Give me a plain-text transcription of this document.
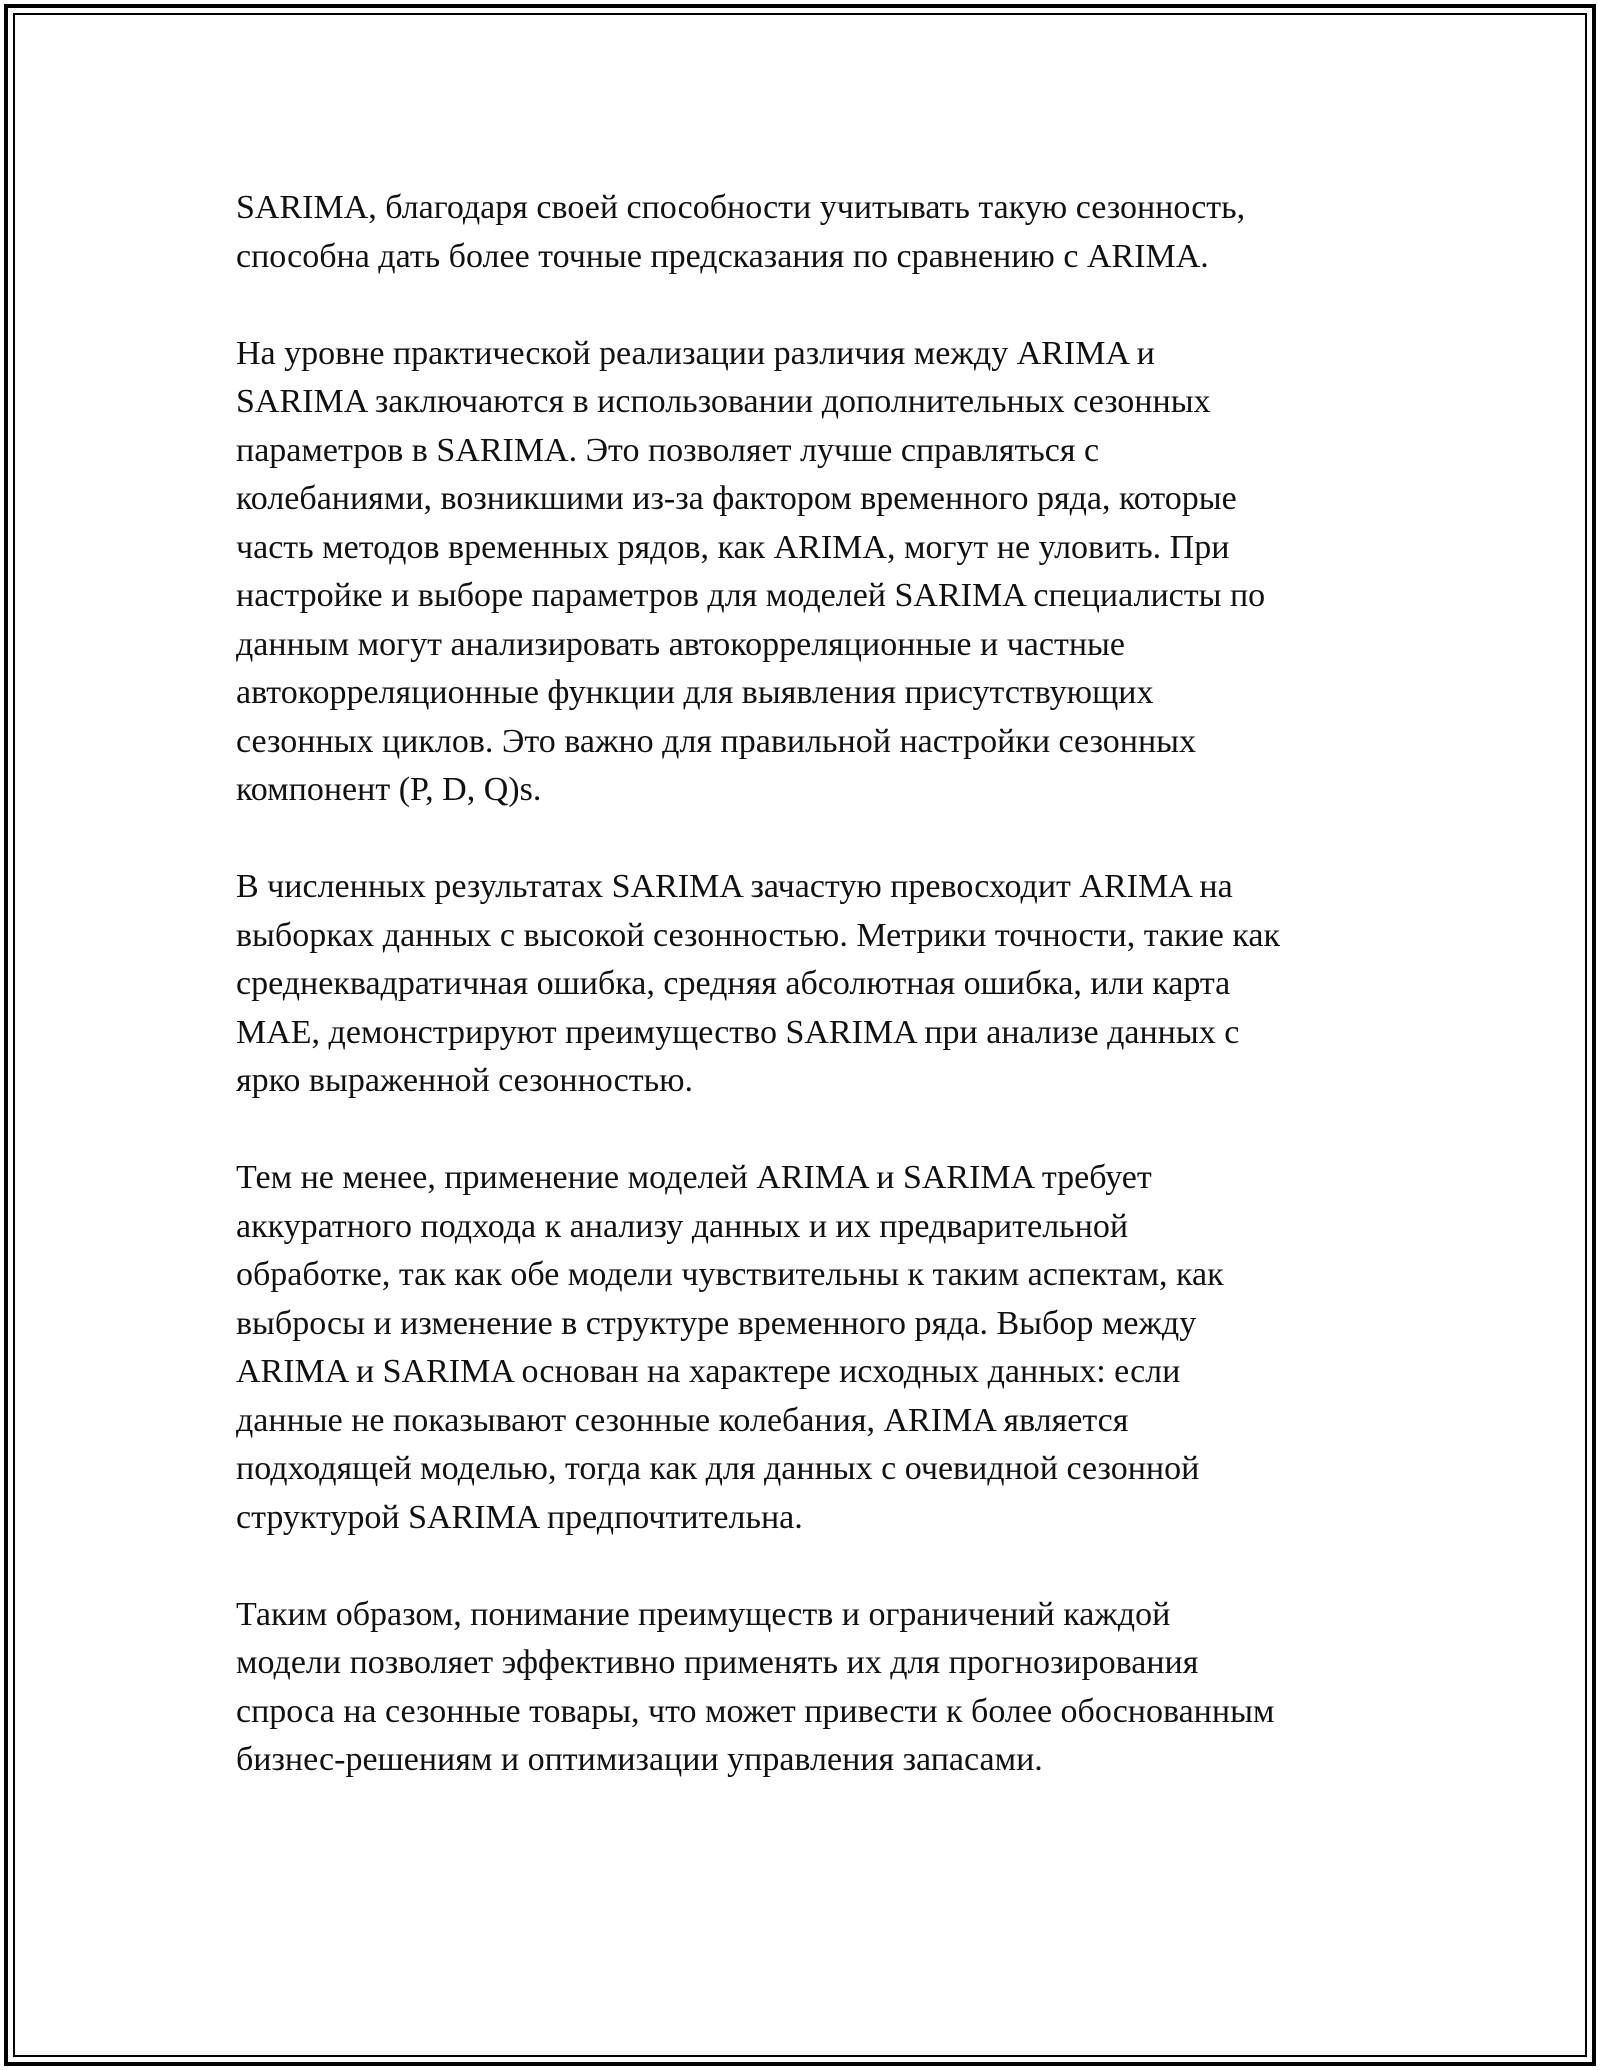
SARIMA, благодаря своей способности учитывать такую сезонность,
способна дать более точные предсказания по сравнению с ARIMA.

На уровне практической реализации различия между ARIMA и
SARIMA заключаются в использовании дополнительных сезонных
параметров в SARIMA. Это позволяет лучше справляться с
колебаниями, возникшими из-за фактором временного ряда, которые
часть методов временных рядов, как ARIMA, могут не уловить. При
настройке и выборе параметров для моделей SARIMA специалисты по
данным могут анализировать автокорреляционные и частные
автокорреляционные функции для выявления присутствующих
сезонных циклов. Это важно для правильной настройки сезонных
компонент (P, D, Q)s.

В численных результатах SARIMA зачастую превосходит ARIMA на
выборках данных с высокой сезонностью. Метрики точности, такие как
среднеквадратичная ошибка, средняя абсолютная ошибка, или карта
MAE, демонстрируют преимущество SARIMA при анализе данных с
ярко выраженной сезонностью.

Тем не менее, применение моделей ARIMA и SARIMA требует
аккуратного подхода к анализу данных и их предварительной
обработке, так как обе модели чувствительны к таким аспектам, как
выбросы и изменение в структуре временного ряда. Выбор между
ARIMA и SARIMA основан на характере исходных данных: если
данные не показывают сезонные колебания, ARIMA является
подходящей моделью, тогда как для данных с очевидной сезонной
структурой SARIMA предпочтительна.

Таким образом, понимание преимуществ и ограничений каждой
модели позволяет эффективно применять их для прогнозирования
спроса на сезонные товары, что может привести к более обоснованным
бизнес-решениям и оптимизации управления запасами.
